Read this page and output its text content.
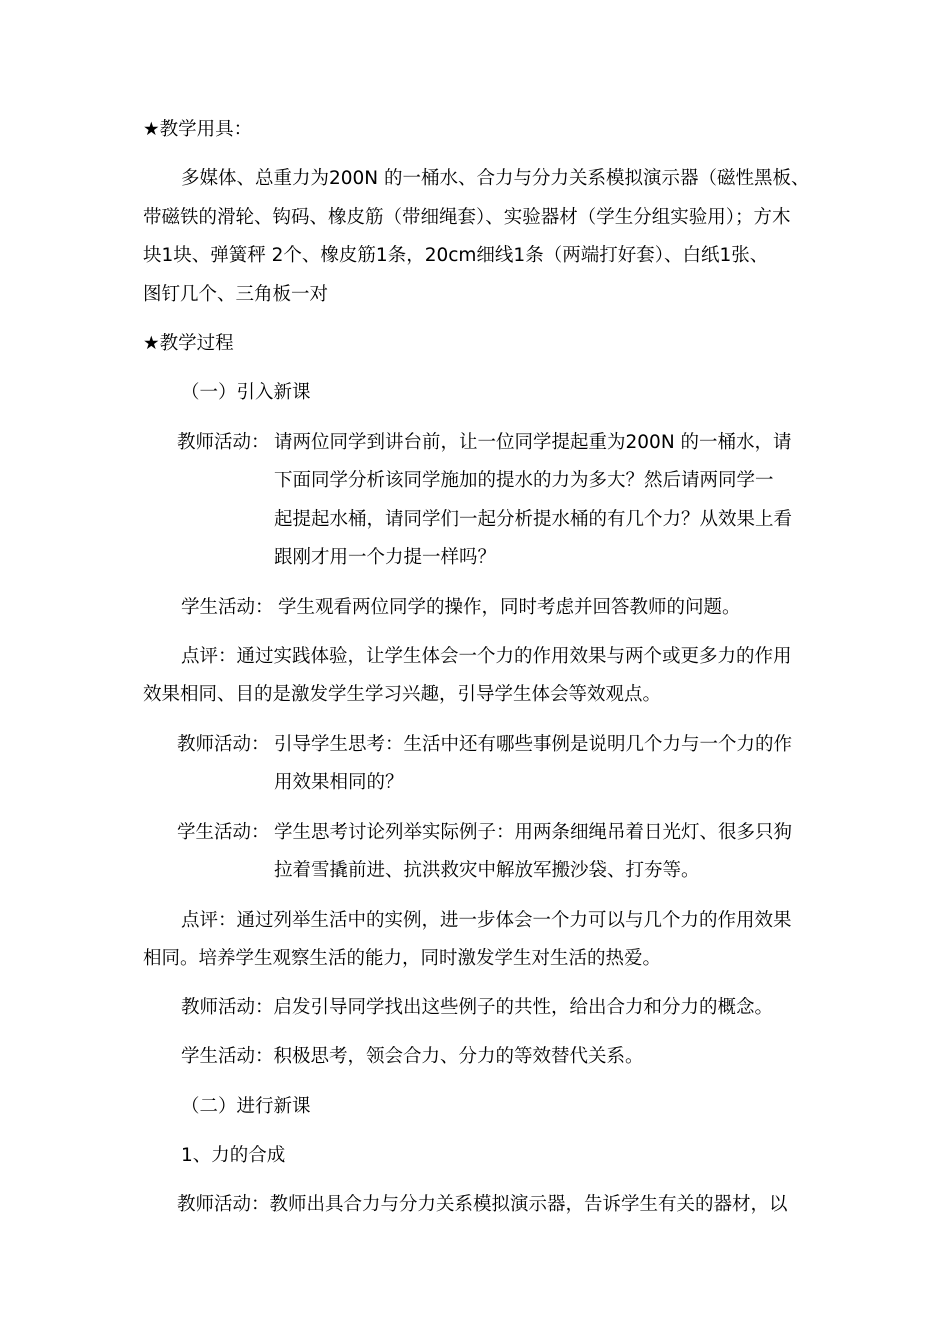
★教学用具：

多媒体、总重力为200N 的一桶水、合力与分力关系模拟演示器（磁性黑板、

带磁铁的滑轮、钩码、橡皮筋（带细绳套）、实验器材（学生分组实验用）；方木

块1块、弹簧秤 2个、橡皮筋1条，20cm细线1条（两端打好套）、白纸1张、

图钉几个、三角板一对

★教学过程

（一）引入新课

教师活动： 请两位同学到讲台前，让一位同学提起重为200N 的一桶水，请

下面同学分析该同学施加的提水的力为多大？然后请两同学一

起提起水桶，请同学们一起分析提水桶的有几个力？从效果上看

跟刚才用一个力提一样吗？

学生活动： 学生观看两位同学的操作，同时考虑并回答教师的问题。

点评：通过实践体验，让学生体会一个力的作用效果与两个或更多力的作用

效果相同、目的是激发学生学习兴趣，引导学生体会等效观点。

教师活动： 引导学生思考：生活中还有哪些事例是说明几个力与一个力的作

用效果相同的？

学生活动： 学生思考讨论列举实际例子：用两条细绳吊着日光灯、很多只狗

拉着雪撬前进、抗洪救灾中解放军搬沙袋、打夯等。

点评：通过列举生活中的实例，进一步体会一个力可以与几个力的作用效果

相同。培养学生观察生活的能力，同时激发学生对生活的热爱。

教师活动：启发引导同学找出这些例子的共性，给出合力和分力的概念。

学生活动：积极思考，领会合力、分力的等效替代关系。

（二）进行新课

1、力的合成

教师活动：教师出具合力与分力关系模拟演示器，告诉学生有关的器材，以
